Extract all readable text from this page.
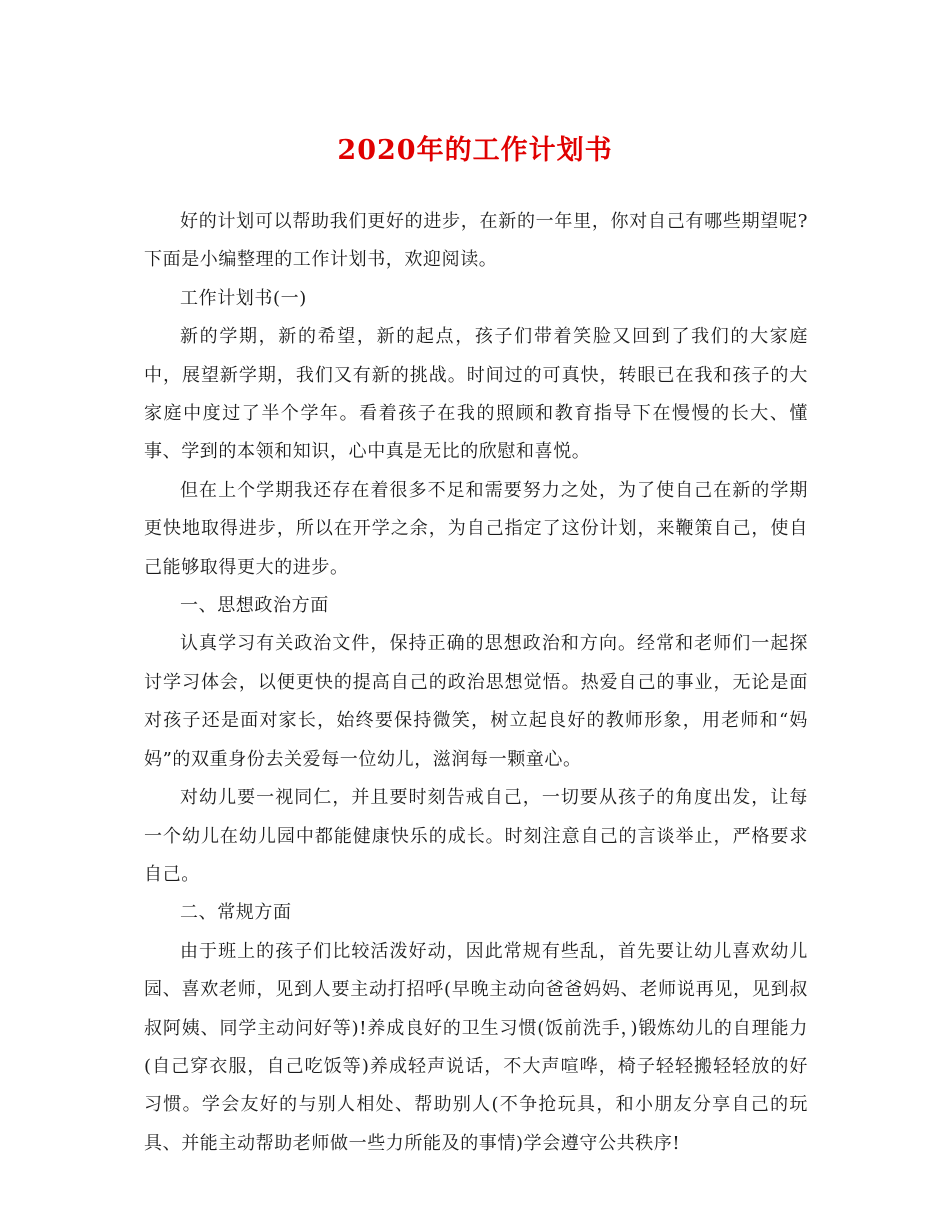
2020年的工作计划书

好的计划可以帮助我们更好的进步，在新的一年里，你对自己有哪些期望呢?下面是小编整理的工作计划书，欢迎阅读。

工作计划书(一)

新的学期，新的希望，新的起点，孩子们带着笑脸又回到了我们的大家庭中，展望新学期，我们又有新的挑战。时间过的可真快，转眼已在我和孩子的大家庭中度过了半个学年。看着孩子在我的照顾和教育指导下在慢慢的长大、懂事、学到的本领和知识，心中真是无比的欣慰和喜悦。

但在上个学期我还存在着很多不足和需要努力之处，为了使自己在新的学期更快地取得进步，所以在开学之余，为自己指定了这份计划，来鞭策自己，使自己能够取得更大的进步。

一、思想政治方面

认真学习有关政治文件，保持正确的思想政治和方向。经常和老师们一起探讨学习体会，以便更快的提高自己的政治思想觉悟。热爱自己的事业，无论是面对孩子还是面对家长，始终要保持微笑，树立起良好的教师形象，用老师和“妈妈”的双重身份去关爱每一位幼儿，滋润每一颗童心。

对幼儿要一视同仁，并且要时刻告戒自己，一切要从孩子的角度出发，让每一个幼儿在幼儿园中都能健康快乐的成长。时刻注意自己的言谈举止，严格要求自己。

二、常规方面

由于班上的孩子们比较活泼好动，因此常规有些乱，首先要让幼儿喜欢幼儿园、喜欢老师，见到人要主动打招呼(早晚主动向爸爸妈妈、老师说再见，见到叔叔阿姨、同学主动问好等)!养成良好的卫生习惯(饭前洗手，)锻炼幼儿的自理能力(自己穿衣服，自己吃饭等)养成轻声说话，不大声喧哗，椅子轻轻搬轻轻放的好习惯。学会友好的与别人相处、帮助别人(不争抢玩具，和小朋友分享自己的玩具、并能主动帮助老师做一些力所能及的事情)学会遵守公共秩序!
